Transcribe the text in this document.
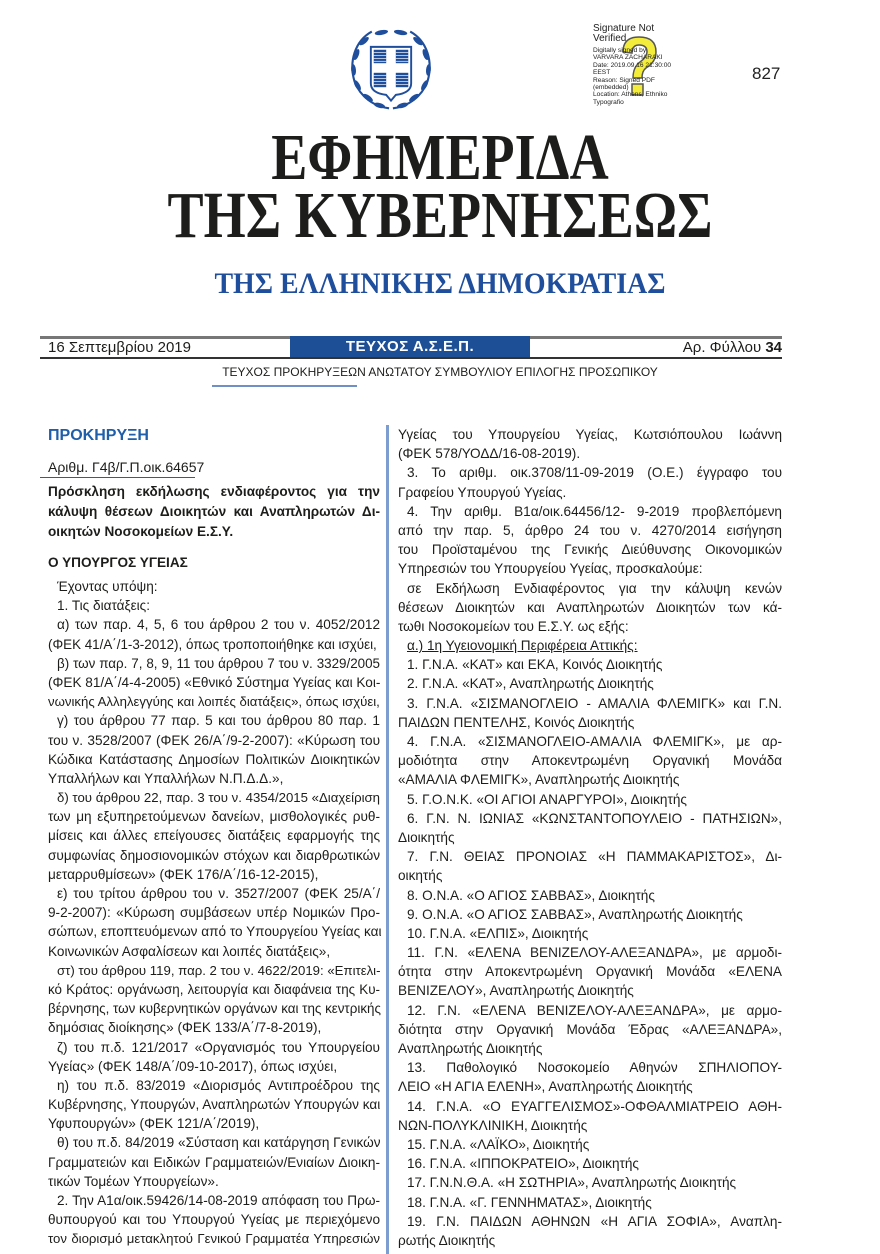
Signature Not Verified
Digitally signed by
VARVARA ZACHARAKI
Date: 2019.09.16 21:30:00
EEST
Reason: Signed PDF
(embedded)
Location: Athens, Ethniko
Typografio
827
ΕΦΗΜΕΡΙΔΑ
ΤΗΣ ΚΥΒΕΡΝΗΣΕΩΣ
ΤΗΣ ΕΛΛΗΝΙΚΗΣ ΔΗΜΟΚΡΑΤΙΑΣ
16 Σεπτεμβρίου 2019	ΤΕΥΧΟΣ Α.Σ.Ε.Π.	Αρ. Φύλλου 34
ΤΕΥΧΟΣ ΠΡΟΚΗΡΥΞΕΩΝ ΑΝΩΤΑΤΟΥ ΣΥΜΒΟΥΛΙΟΥ ΕΠΙΛΟΓΗΣ ΠΡΟΣΩΠΙΚΟΥ
ΠΡΟΚΗΡΥΞΗ
Αριθμ. Γ4β/Γ.Π.οικ.64657
Πρόσκληση εκδήλωσης ενδιαφέροντος για την
κάλυψη θέσεων Διοικητών και Αναπληρωτών Δι-
οικητών Νοσοκομείων Ε.Σ.Υ.
Ο ΥΠΟΥΡΓΟΣ ΥΓΕΙΑΣ
Έχοντας υπόψη:
1. Τις διατάξεις:
α) των παρ. 4, 5, 6 του άρθρου 2 του ν. 4052/2012
(ΦΕΚ 41/Α΄/1-3-2012), όπως τροποποιήθηκε και ισχύει,
β) των παρ. 7, 8, 9, 11 του άρθρου 7 του ν. 3329/2005
(ΦΕΚ 81/Α΄/4-4-2005) «Εθνικό Σύστημα Υγείας και Κοι-
νωνικής Αλληλεγγύης και λοιπές διατάξεις», όπως ισχύει,
γ) του άρθρου 77 παρ. 5 και του άρθρου 80 παρ. 1
του ν. 3528/2007 (ΦΕΚ 26/Α΄/9-2-2007): «Κύρωση του
Κώδικα Κατάστασης Δημοσίων Πολιτικών Διοικητικών
Υπαλλήλων και Υπαλλήλων Ν.Π.Δ.Δ.»,
δ) του άρθρου 22, παρ. 3 του ν. 4354/2015 «Διαχείριση
των μη εξυπηρετούμενων δανείων, μισθολογικές ρυθ-
μίσεις και άλλες επείγουσες διατάξεις εφαρμογής της
συμφωνίας δημοσιονομικών στόχων και διαρθρωτικών
μεταρρυθμίσεων» (ΦΕΚ 176/Α΄/16-12-2015),
ε) του τρίτου άρθρου του ν. 3527/2007 (ΦΕΚ 25/Α΄/
9-2-2007): «Κύρωση συμβάσεων υπέρ Νομικών Προ-
σώπων, εποπτευόμενων από το Υπουργείου Υγείας και
Κοινωνικών Ασφαλίσεων και λοιπές διατάξεις»,
στ) του άρθρου 119, παρ. 2 του ν. 4622/2019: «Επιτελι-
κό Κράτος: οργάνωση, λειτουργία και διαφάνεια της Κυ-
βέρνησης, των κυβερνητικών οργάνων και της κεντρικής
δημόσιας διοίκησης» (ΦΕΚ 133/Α΄/7-8-2019),
ζ) του π.δ. 121/2017 «Οργανισμός του Υπουργείου
Υγείας» (ΦΕΚ 148/Α΄/09-10-2017), όπως ισχύει,
η) του π.δ. 83/2019 «Διορισμός Αντιπροέδρου της
Κυβέρνησης, Υπουργών, Αναπληρωτών Υπουργών και
Υφυπουργών» (ΦΕΚ 121/Α΄/2019),
θ) του π.δ. 84/2019 «Σύσταση και κατάργηση Γενικών
Γραμματειών και Ειδικών Γραμματειών/Ενιαίων Διοικη-
τικών Τομέων Υπουργείων».
2. Την Α1α/οικ.59426/14-08-2019 απόφαση του Πρω-
θυπουργού και του Υπουργού Υγείας με περιεχόμενο
τον διορισμό μετακλητού Γενικού Γραμματέα Υπηρεσιών
Υγείας του Υπουργείου Υγείας, Κωτσιόπουλου Ιωάννη
(ΦΕΚ 578/ΥΟΔΔ/16-08-2019).
3. Το αριθμ. οικ.3708/11-09-2019 (Ο.Ε.) έγγραφο του
Γραφείου Υπουργού Υγείας.
4. Την αριθμ. Β1α/οικ.64456/12- 9-2019 προβλεπόμενη
από την παρ. 5, άρθρο 24 του ν. 4270/2014 εισήγηση
του Προϊσταμένου της Γενικής Διεύθυνσης Οικονομικών
Υπηρεσιών του Υπουργείου Υγείας, προσκαλούμε:
σε Εκδήλωση Ενδιαφέροντος για την κάλυψη κενών
θέσεων Διοικητών και Αναπληρωτών Διοικητών των κά-
τωθι Νοσοκομείων του Ε.Σ.Υ. ως εξής:
α.) 1η Υγειονομική Περιφέρεια Αττικής:
1. Γ.Ν.Α. «ΚΑΤ» και ΕΚΑ, Κοινός Διοικητής
2. Γ.Ν.Α. «ΚΑΤ», Αναπληρωτής Διοικητής
3. Γ.Ν.Α. «ΣΙΣΜΑΝΟΓΛΕΙΟ - ΑΜΑΛΙΑ ΦΛΕΜΙΓΚ» και Γ.Ν.
ΠΑΙΔΩΝ ΠΕΝΤΕΛΗΣ, Κοινός Διοικητής
4. Γ.Ν.Α. «ΣΙΣΜΑΝΟΓΛΕΙΟ-ΑΜΑΛΙΑ ΦΛΕΜΙΓΚ», με αρ-
μοδιότητα στην Αποκεντρωμένη Οργανική Μονάδα
«ΑΜΑΛΙΑ ΦΛΕΜΙΓΚ», Αναπληρωτής Διοικητής
5. Γ.Ο.Ν.Κ. «ΟΙ ΑΓΙΟΙ ΑΝΑΡΓΥΡΟΙ», Διοικητής
6. Γ.Ν. Ν. ΙΩΝΙΑΣ «ΚΩΝΣΤΑΝΤΟΠΟΥΛΕΙΟ - ΠΑΤΗΣΙΩΝ»,
Διοικητής
7. Γ.Ν. ΘΕΙΑΣ ΠΡΟΝΟΙΑΣ «Η ΠΑΜΜΑΚΑΡΙΣΤΟΣ», Δι-
οικητής
8. Ο.Ν.Α. «Ο ΑΓΙΟΣ ΣΑΒΒΑΣ», Διοικητής
9. Ο.Ν.Α. «Ο ΑΓΙΟΣ ΣΑΒΒΑΣ», Αναπληρωτής Διοικητής
10. Γ.Ν.Α. «ΕΛΠΙΣ», Διοικητής
11. Γ.Ν. «ΕΛΕΝΑ ΒΕΝΙΖΕΛΟΥ-ΑΛΕΞΑΝΔΡΑ», με αρμοδι-
ότητα στην Αποκεντρωμένη Οργανική Μονάδα «ΕΛΕΝΑ
ΒΕΝΙΖΕΛΟΥ», Αναπληρωτής Διοικητής
12. Γ.Ν. «ΕΛΕΝΑ ΒΕΝΙΖΕΛΟΥ-ΑΛΕΞΑΝΔΡΑ», με αρμο-
διότητα στην Οργανική Μονάδα Έδρας «ΑΛΕΞΑΝΔΡΑ»,
Αναπληρωτής Διοικητής
13. Παθολογικό Νοσοκομείο Αθηνών ΣΠΗΛΙΟΠΟΥ-
ΛΕΙΟ «Η ΑΓΙΑ ΕΛΕΝΗ», Αναπληρωτής Διοικητής
14. Γ.Ν.Α. «Ο ΕΥΑΓΓΕΛΙΣΜΟΣ»-ΟΦΘΑΛΜΙΑΤΡΕΙΟ ΑΘΗ-
ΝΩΝ-ΠΟΛΥΚΛΙΝΙΚΗ, Διοικητής
15. Γ.Ν.Α. «ΛΑΪΚΟ», Διοικητής
16. Γ.Ν.Α. «ΙΠΠΟΚΡΑΤΕΙΟ», Διοικητής
17. Γ.Ν.Ν.Θ.Α. «Η ΣΩΤΗΡΙΑ», Αναπληρωτής Διοικητής
18. Γ.Ν.Α. «Γ. ΓΕΝΝΗΜΑΤΑΣ», Διοικητής
19. Γ.Ν. ΠΑΙΔΩΝ ΑΘΗΝΩΝ «Η ΑΓΙΑ ΣΟΦΙΑ», Αναπλη-
ρωτής Διοικητής
